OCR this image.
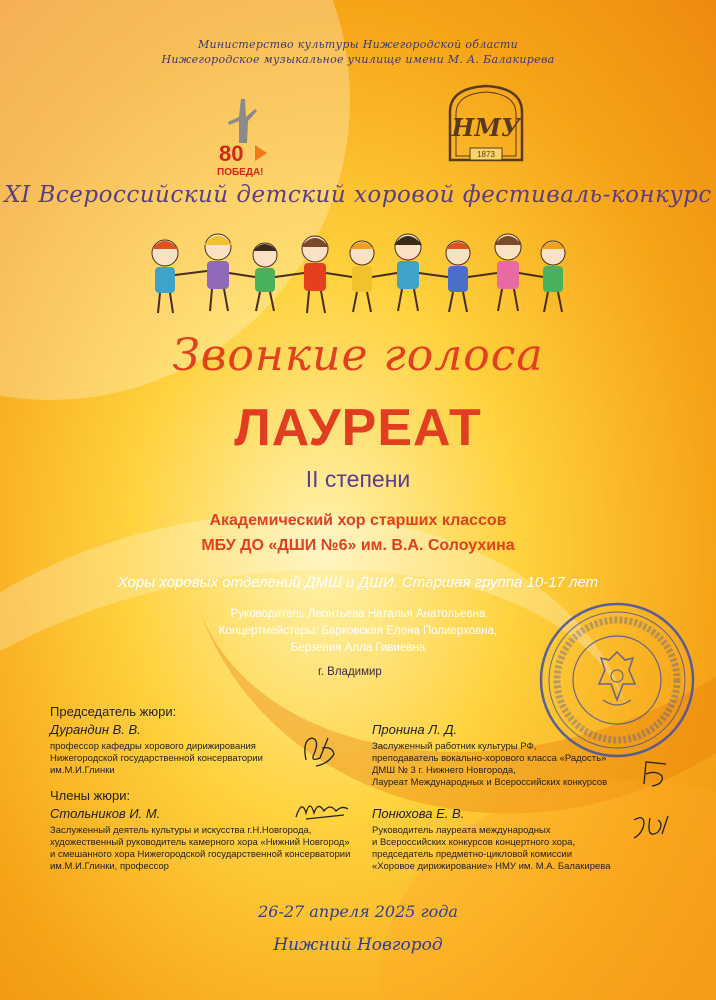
Министерство культуры Нижегородской области
Нижегородское музыкальное училище имени М. А. Балакирева
80
ПОБЕДА!
НМУ
1873
XI Всероссийский детский хоровой фестиваль-конкурс
Звонкие голоса
ЛАУРЕАТ
II степени
Академический хор старших классов
МБУ ДО «ДШИ №6» им. В.А. Солоухина
Хоры хоровых отделений ДМШ и ДШИ. Старшая группа 10-17 лет
Руководитель Леонтьева Наталья Анатольевна
Концертмейстеры: Барковская Елена Полиерховна,
Берзения Алла Гивиевна
г. Владимир
Председатель жюри:
Дурандин В. В.
профессор кафедры хорового дирижирования
Нижегородской государственной консерватории
им.М.И.Глинки
Члены жюри:
Стольников И. М.
Заслуженный деятель культуры и искусства г.Н.Новгорода,
художественный руководитель камерного хора «Нижний Новгород»
и смешанного хора Нижегородской государственной консерватории
им.М.И.Глинки, профессор
Пронина Л. Д.
Заслуженный работник культуры РФ,
преподаватель вокально-хорового класса «Радость»
ДМШ № 3 г. Нижнего Новгорода,
Лауреат Международных и Всероссийских конкурсов
Понюхова Е. В.
Руководитель лауреата международных
и Всероссийских конкурсов концертного хора,
председатель предметно-цикловой комиссии
«Хоровое дирижирование» НМУ им. М.А. Балакирева
26-27 апреля 2025 года
Нижний Новгород
